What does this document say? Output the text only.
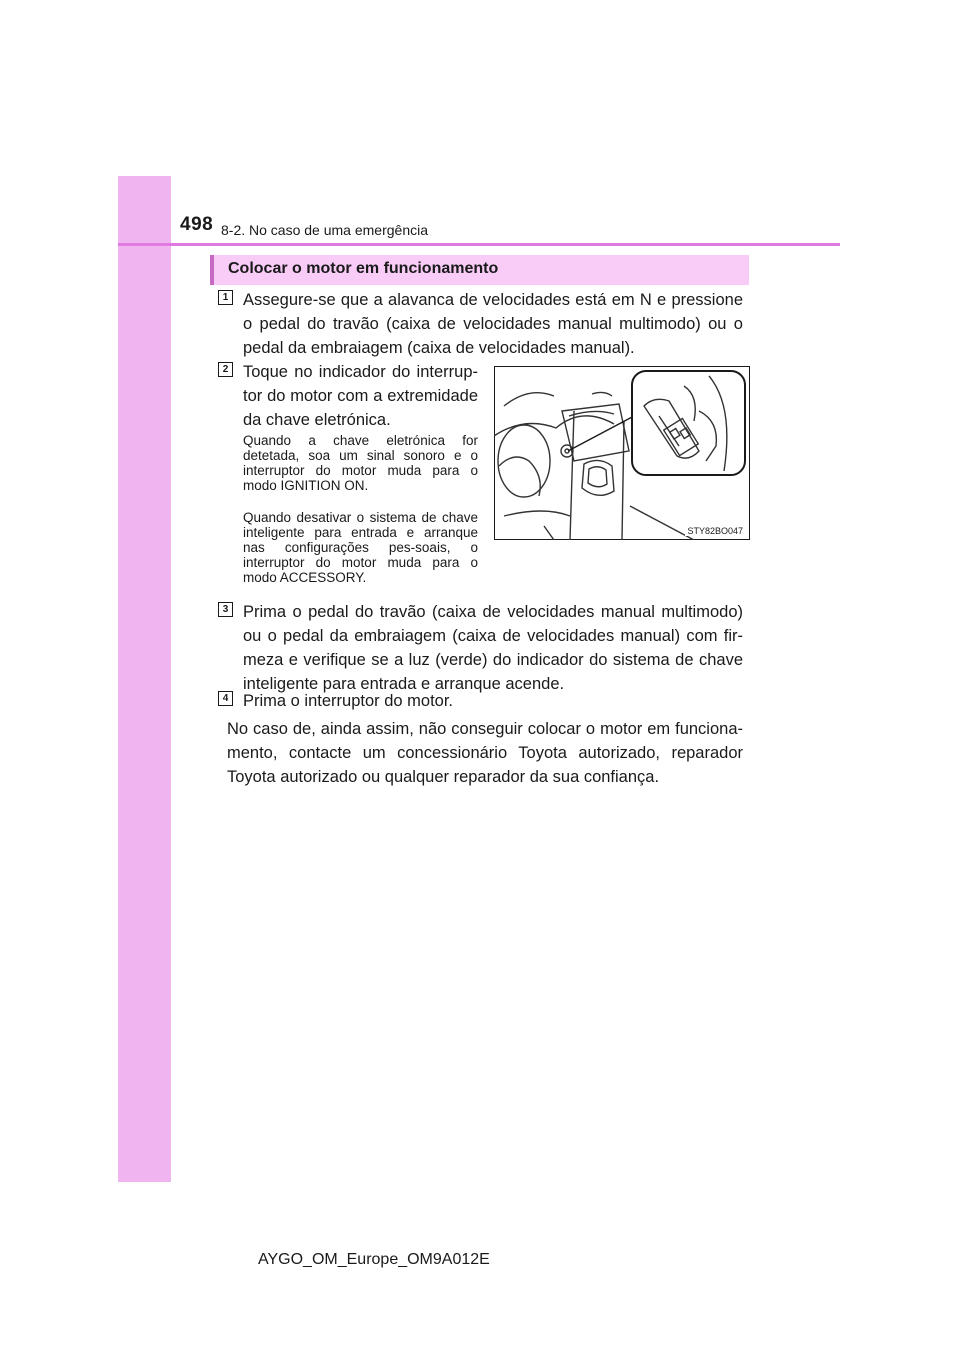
498 8-2. No caso de uma emergência
Colocar o motor em funcionamento
1 Assegure-se que a alavanca de velocidades está em N e pressione o pedal do travão (caixa de velocidades manual multimodo) ou o pedal da embraiagem (caixa de velocidades manual).

2 Toque no indicador do interrup-tor do motor com a extremidade da chave eletrónica.

Quando a chave eletrónica for detetada, soa um sinal sonoro e o interruptor do motor muda para o modo IGNITION ON.

Quando desativar o sistema de chave inteligente para entrada e arranque nas configurações pes-soais, o interruptor do motor muda para o modo ACCESSORY.

STY82BO047
3 Prima o pedal do travão (caixa de velocidades manual multimodo) ou o pedal da embraiagem (caixa de velocidades manual) com fir-meza e verifique se a luz (verde) do indicador do sistema de chave inteligente para entrada e arranque acende.

4 Prima o interruptor do motor.

No caso de, ainda assim, não conseguir colocar o motor em funciona-mento, contacte um concessionário Toyota autorizado, reparador Toyota autorizado ou qualquer reparador da sua confiança.

AYGO_OM_Europe_OM9A012E
